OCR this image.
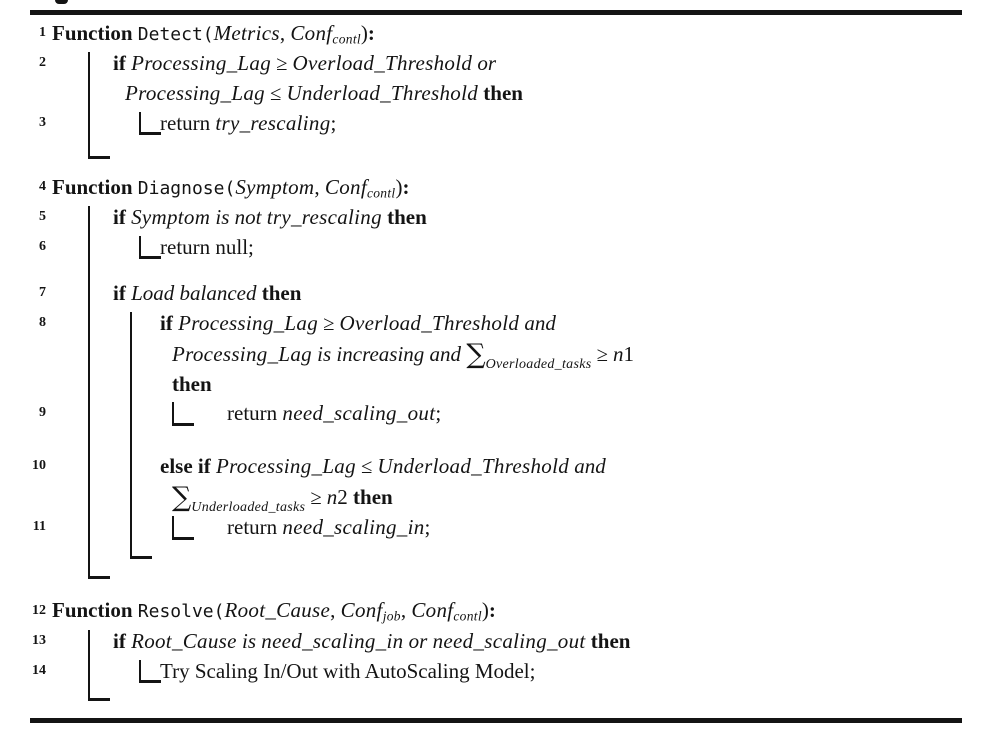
1 Function Detect(Metrics, Confcontl):
2	if Processing_Lag ≥ Overload_Threshold or
Processing_Lag ≤ Underload_Threshold then
3	return try_rescaling;
4 Function Diagnose(Symptom, Confcontl):
5	if Symptom is not try_rescaling then
6	return null;
7	if Load balanced then
8	if Processing_Lag ≥ Overload_Threshold and
Processing_Lag is increasing and $\sum_{Overloaded\_tasks} \ge n1$
then
9	return need_scaling_out;
10	else if Processing_Lag ≤ Underload_Threshold and
$\sum_{Underloaded\_tasks} \ge n2$ then
11	return need_scaling_in;
12 Function Resolve(Root_Cause, Confjob, Confcontl):
13	if Root_Cause is need_scaling_in or need_scaling_out then
14	Try Scaling In/Out with AutoScaling Model;
